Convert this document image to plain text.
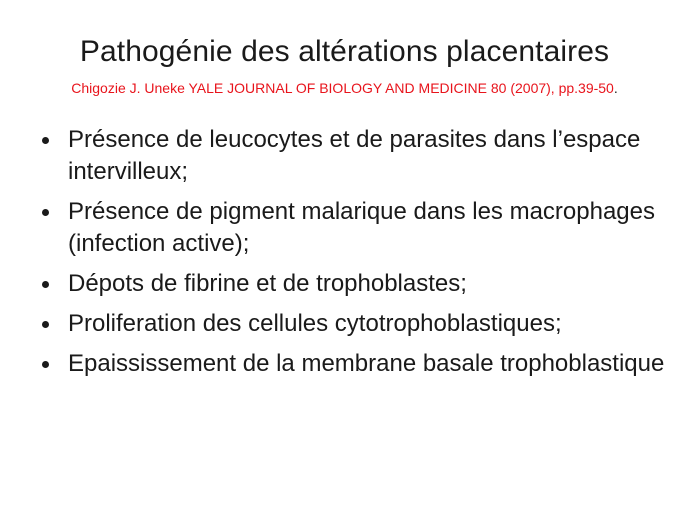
Pathogénie des altérations placentaires
Chigozie J. Uneke YALE JOURNAL OF BIOLOGY AND MEDICINE 80 (2007), pp.39-50.
Présence de leucocytes et de parasites dans l’espace intervilleux;
Présence de pigment malarique dans les macrophages (infection active);
Dépots de fibrine et de trophoblastes;
Proliferation des cellules cytotrophoblastiques;
Epaississement de la membrane basale trophoblastique
